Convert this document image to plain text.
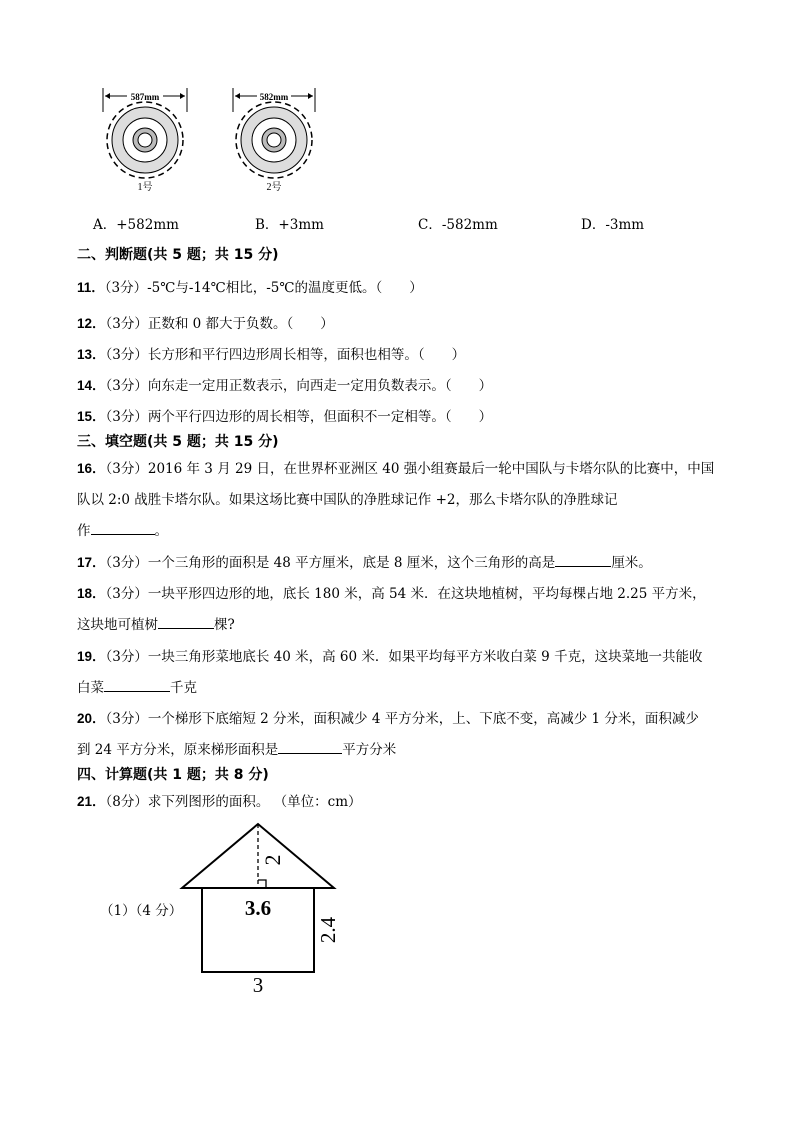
587mm
1号
582mm
2号
A．+582mm	B．+3mm	C．-582mm	D．-3mm
二、判断题(共 5 题；共 15 分)
11．（3分）-5℃与-14℃相比，-5℃的温度更低。（　　）
12．（3分）正数和 0 都大于负数。（　　）
13．（3分）长方形和平行四边形周长相等，面积也相等。（　　）
14．（3分）向东走一定用正数表示，向西走一定用负数表示。（　　）
15．（3分）两个平行四边形的周长相等，但面积不一定相等。（　　）
三、填空题(共 5 题；共 15 分)
16．（3分）2016 年 3 月 29 日，在世界杯亚洲区 40 强小组赛最后一轮中国队与卡塔尔队的比赛中，中国
队以 2:0 战胜卡塔尔队。如果这场比赛中国队的净胜球记作 +2，那么卡塔尔队的净胜球记
作	。
17．（3分）一个三角形的面积是 48 平方厘米，底是 8 厘米，这个三角形的高是	厘米。
18．（3分）一块平形四边形的地，底长 180 米，高 54 米．在这块地植树，平均每棵占地 2.25 平方米，
这块地可植树	棵?
19．（3分）一块三角形菜地底长 40 米，高 60 米．如果平均每平方米收白菜 9 千克，这块菜地一共能收
白菜	千克
20．（3分）一个梯形下底缩短 2 分米，面积减少 4 平方分米，上、下底不变，高减少 1 分米，面积减少
到 24 平方分米，原来梯形面积是	平方分米
四、计算题(共 1 题；共 8 分)
21．（8分）求下列图形的面积。 （单位：cm）
（1）（4 分）
2
3.6
2.4
3
